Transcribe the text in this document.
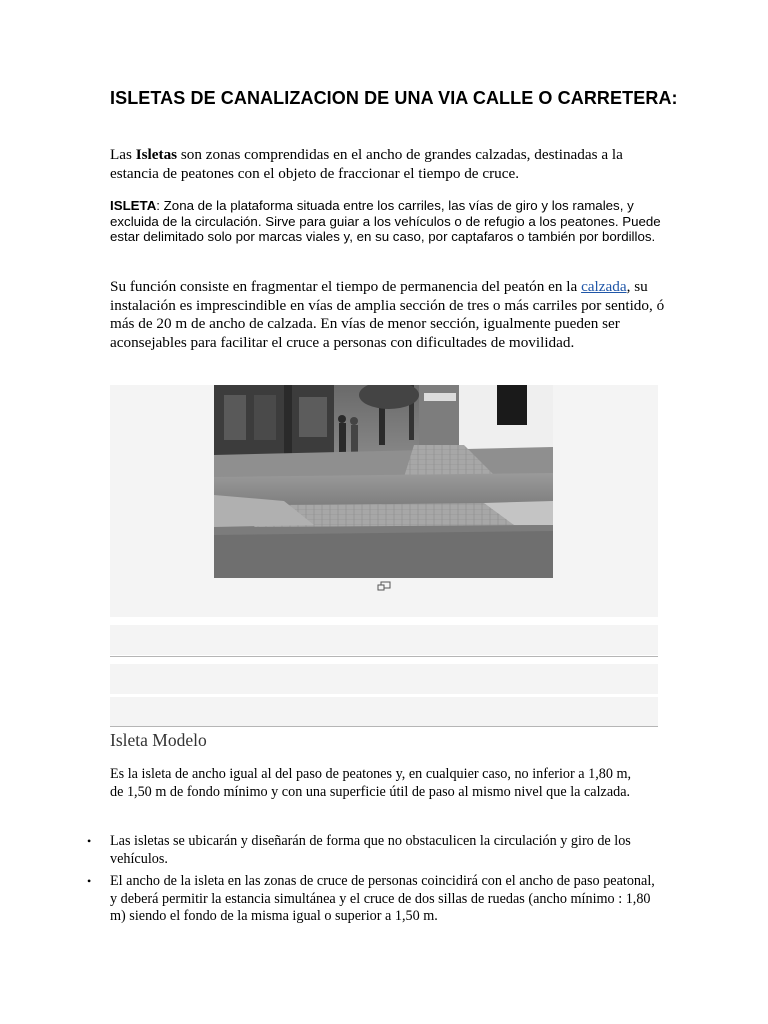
ISLETAS DE CANALIZACION DE UNA VIA CALLE O CARRETERA:

Las Isletas son zonas comprendidas en el ancho de grandes calzadas, destinadas a la estancia de peatones con el objeto de fraccionar el tiempo de cruce.

ISLETA: Zona de la plataforma situada entre los carriles, las vías de giro y los ramales, y excluida de la circulación. Sirve para guiar a los vehículos o de refugio a los peatones. Puede estar delimitado solo por marcas viales y, en su caso, por captafaros o también por bordillos.

Su función consiste en fragmentar el tiempo de permanencia del peatón en la calzada, su instalación es imprescindible en vías de amplia sección de tres o más carriles por sentido, ó más de 20 m de ancho de calzada. En vías de menor sección, igualmente pueden ser aconsejables para facilitar el cruce a personas con dificultades de movilidad.

Isleta Modelo

Es la isleta de ancho igual al del paso de peatones y, en cualquier caso, no inferior a 1,80 m, de 1,50 m de fondo mínimo y con una superficie útil de paso al mismo nivel que la calzada.

• Las isletas se ubicarán y diseñarán de forma que no obstaculicen la circulación y giro de los vehículos.
• El ancho de la isleta en las zonas de cruce de personas coincidirá con el ancho de paso peatonal, y deberá permitir la estancia simultánea y el cruce de dos sillas de ruedas (ancho mínimo : 1,80 m) siendo el fondo de la misma igual o superior a 1,50 m.
